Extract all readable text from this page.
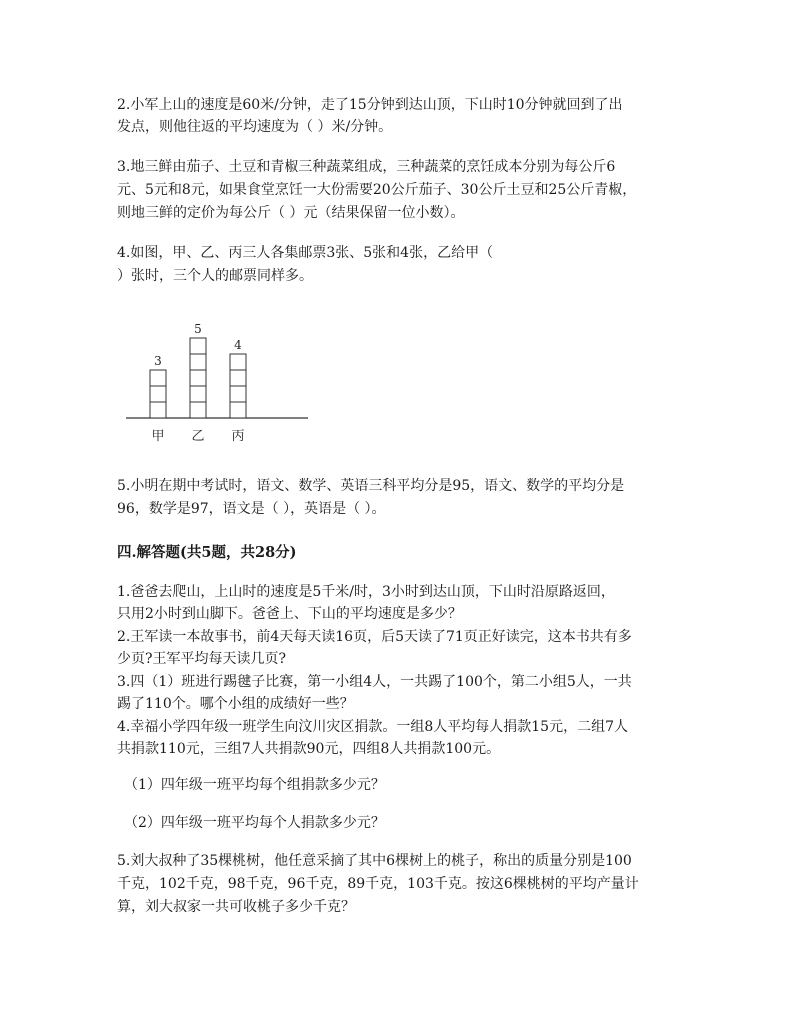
2.小军上山的速度是60米/分钟，走了15分钟到达山顶，下山时10分钟就回到了出
发点，则他往返的平均速度为（ ）米/分钟。
3.地三鲜由茄子、土豆和青椒三种蔬菜组成，三种蔬菜的烹饪成本分别为每公斤6
元、5元和8元，如果食堂烹饪一大份需要20公斤茄子、30公斤土豆和25公斤青椒，
则地三鲜的定价为每公斤（ ）元（结果保留一位小数）。
4.如图，甲、乙、丙三人各集邮票3张、5张和4张，乙给甲（
）张时，三个人的邮票同样多。
3
甲
5
乙
4
丙
5.小明在期中考试时，语文、数学、英语三科平均分是95，语文、数学的平均分是
96，数学是97，语文是（ ），英语是（ ）。
四.解答题(共5题，共28分)
1.爸爸去爬山，上山时的速度是5千米/时，3小时到达山顶，下山时沿原路返回，
只用2小时到山脚下。爸爸上、下山的平均速度是多少？
2.王军读一本故事书，前4天每天读16页，后5天读了71页正好读完，这本书共有多
少页?王军平均每天读几页?
3.四（1）班进行踢毽子比赛，第一小组4人，一共踢了100个，第二小组5人，一共
踢了110个。哪个小组的成绩好一些？
4.幸福小学四年级一班学生向汶川灾区捐款。一组8人平均每人捐款15元，二组7人
共捐款110元，三组7人共捐款90元，四组8人共捐款100元。
（1）四年级一班平均每个组捐款多少元？
（2）四年级一班平均每个人捐款多少元？
5.刘大叔种了35棵桃树，他任意采摘了其中6棵树上的桃子，称出的质量分别是100
千克，102千克，98千克，96千克，89千克，103千克。按这6棵桃树的平均产量计
算，刘大叔家一共可收桃子多少千克？
